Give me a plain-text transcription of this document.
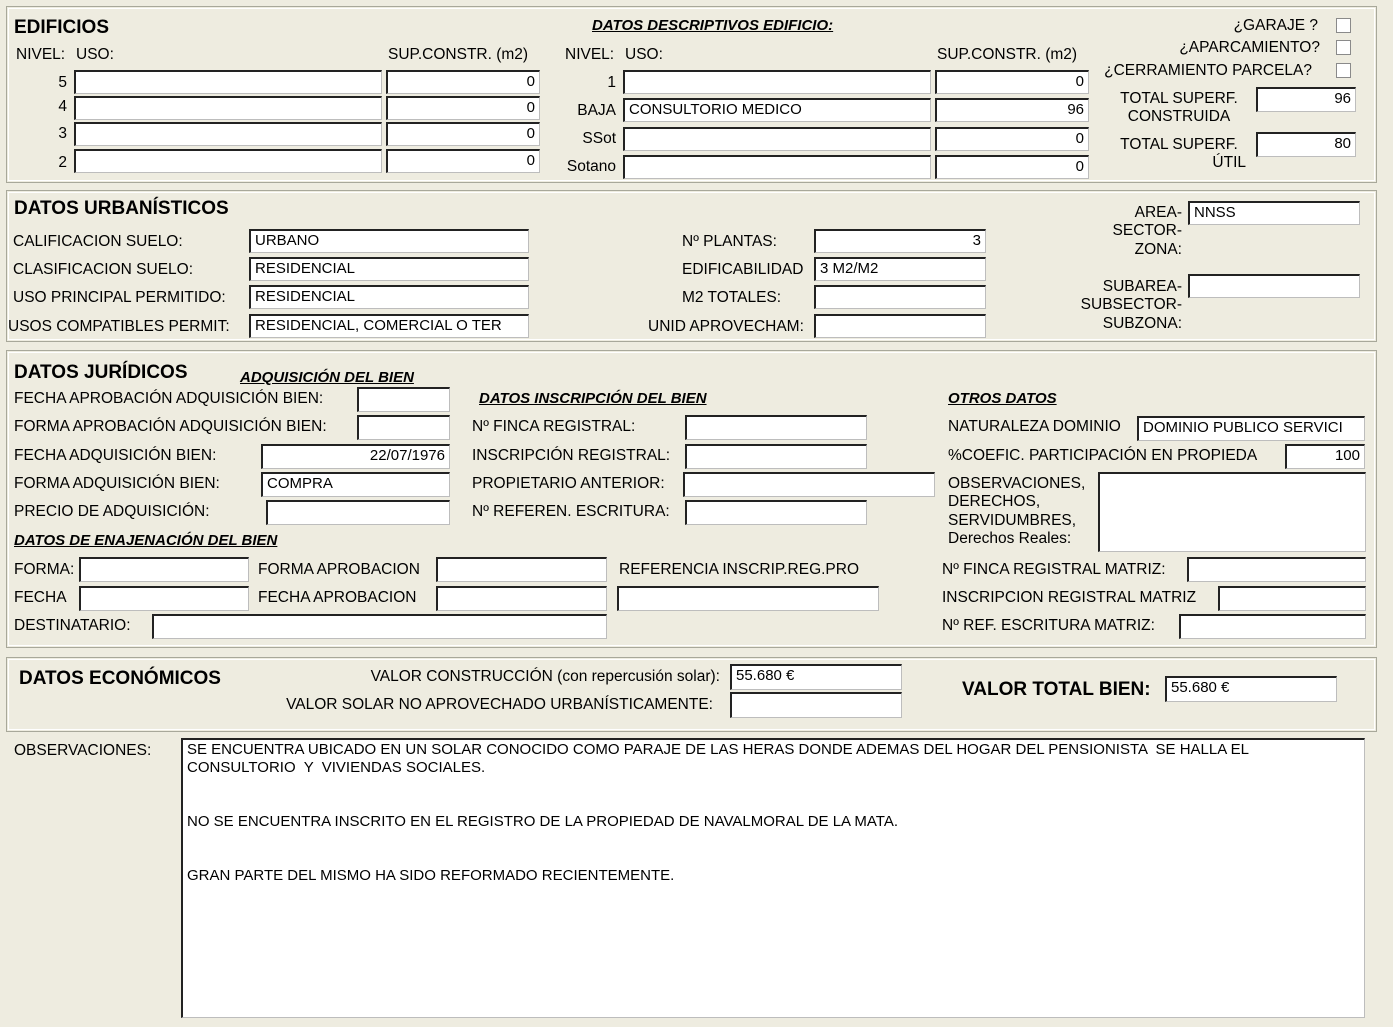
EDIFICIOS
NIVEL: USO:	SUP.CONSTR. (m2)
5	0
4	0
3	0
2	0
DATOS DESCRIPTIVOS EDIFICIO:
NIVEL: USO:	SUP.CONSTR. (m2)
1	0
BAJA CONSULTORIO MEDICO	96
SSot	0
Sotano	0
¿GARAJE ?
¿APARCAMIENTO?
¿CERRAMIENTO PARCELA?
TOTAL SUPERF.
CONSTRUIDA
96
TOTAL SUPERF.
ÚTIL
80
DATOS URBANÍSTICOS
CALIFICACION SUELO:	URBANO
CLASIFICACION SUELO:	RESIDENCIAL
USO PRINCIPAL PERMITIDO:	RESIDENCIAL
USOS COMPATIBLES PERMIT:	RESIDENCIAL, COMERCIAL O TER
Nº PLANTAS:	3
EDIFICABILIDAD	3 M2/M2
M2 TOTALES:
UNID APROVECHAM:
AREA-
SECTOR-
ZONA:
NNSS
SUBAREA-
SUBSECTOR-
SUBZONA:
DATOS JURÍDICOS	ADQUISICIÓN DEL BIEN
FECHA APROBACIÓN ADQUISICIÓN BIEN:
FORMA APROBACIÓN ADQUISICIÓN BIEN:
FECHA ADQUISICIÓN BIEN:	22/07/1976
FORMA ADQUISICIÓN BIEN:	COMPRA
PRECIO DE ADQUISICIÓN:
DATOS INSCRIPCIÓN DEL BIEN
Nº FINCA REGISTRAL:
INSCRIPCIÓN REGISTRAL:
PROPIETARIO ANTERIOR:
Nº REFEREN. ESCRITURA:
OTROS DATOS
NATURALEZA DOMINIO	DOMINIO PUBLICO SERVICI
%COEFIC. PARTICIPACIÓN EN PROPIEDA	100
OBSERVACIONES,
DERECHOS,
SERVIDUMBRES,
Derechos Reales:
DATOS DE ENAJENACIÓN DEL BIEN
FORMA:	FORMA APROBACION	REFERENCIA INSCRIP.REG.PRO
FECHA	FECHA APROBACION
DESTINATARIO:
Nº FINCA REGISTRAL MATRIZ:
INSCRIPCION REGISTRAL MATRIZ
Nº REF. ESCRITURA MATRIZ:
DATOS ECONÓMICOS	VALOR CONSTRUCCIÓN (con repercusión solar):	55.680 €
VALOR SOLAR NO APROVECHADO URBANÍSTICAMENTE:
VALOR TOTAL BIEN:	55.680 €
OBSERVACIONES:	SE ENCUENTRA UBICADO EN UN SOLAR CONOCIDO COMO PARAJE DE LAS HERAS DONDE ADEMAS DEL HOGAR DEL PENSIONISTA  SE HALLA EL
CONSULTORIO  Y  VIVIENDAS SOCIALES.

NO SE ENCUENTRA INSCRITO EN EL REGISTRO DE LA PROPIEDAD DE NAVALMORAL DE LA MATA.

GRAN PARTE DEL MISMO HA SIDO REFORMADO RECIENTEMENTE.
